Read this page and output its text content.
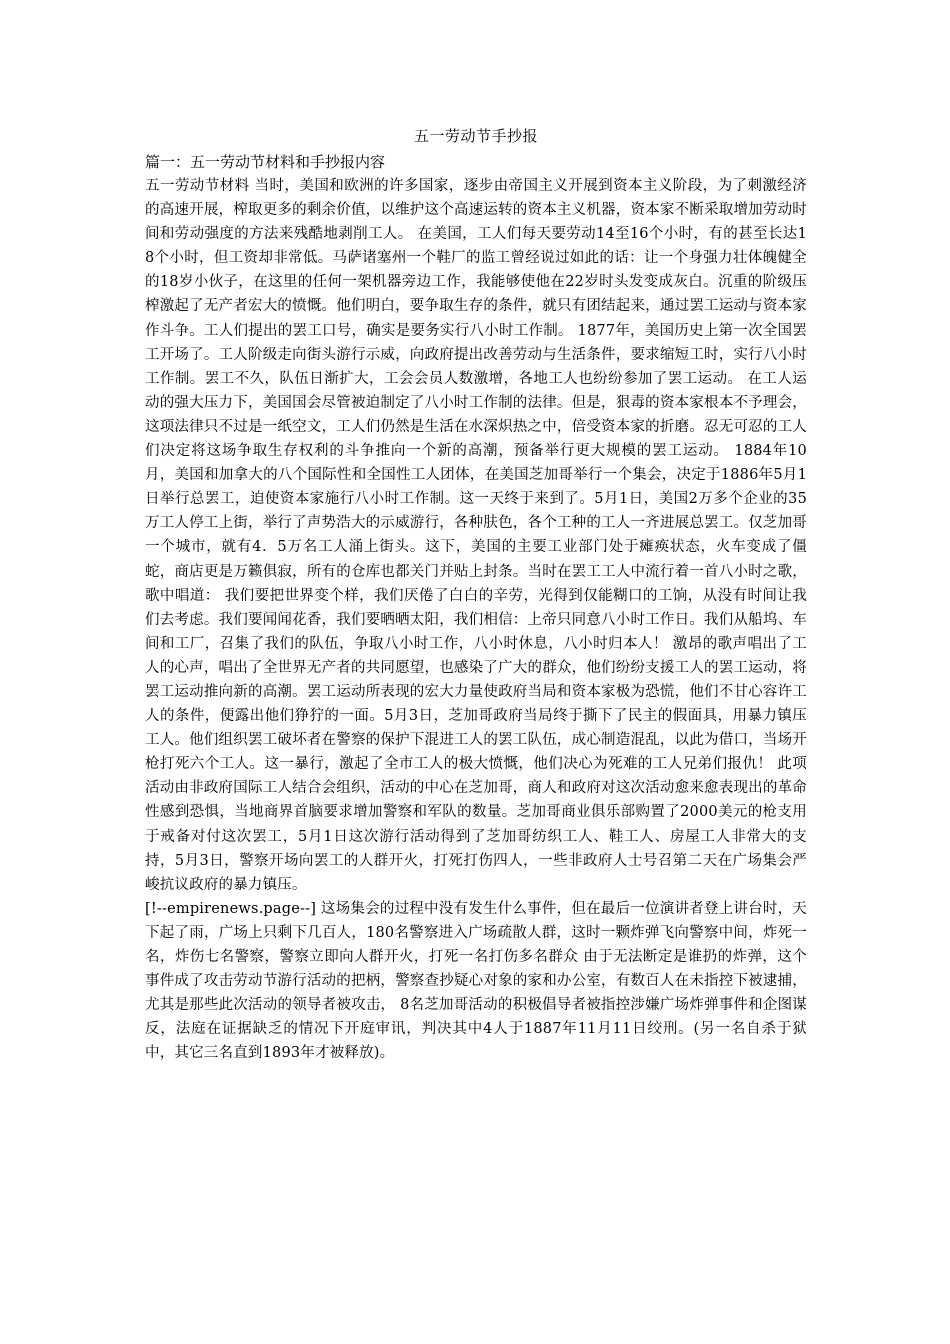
五一劳动节手抄报
篇一：五一劳动节材料和手抄报内容

五一劳动节材料 当时，美国和欧洲的许多国家，逐步由帝国主义开展到资本主义阶段，为了刺激经济的高速开展，榨取更多的剩余价值，以维护这个高速运转的资本主义机器，资本家不断采取增加劳动时间和劳动强度的方法来残酷地剥削工人。 在美国，工人们每天要劳动14至16个小时，有的甚至长达18个小时，但工资却非常低。马萨诸塞州一个鞋厂的监工曾经说过如此的话：让一个身强力壮体魄健全的18岁小伙子，在这里的任何一架机器旁边工作，我能够使他在22岁时头发变成灰白。沉重的阶级压榨激起了无产者宏大的愤慨。他们明白，要争取生存的条件，就只有团结起来，通过罢工运动与资本家作斗争。工人们提出的罢工口号，确实是要务实行八小时工作制。 1877年，美国历史上第一次全国罢工开场了。工人阶级走向街头游行示威，向政府提出改善劳动与生活条件，要求缩短工时，实行八小时工作制。罢工不久，队伍日渐扩大，工会会员人数激增，各地工人也纷纷参加了罢工运动。 在工人运动的强大压力下，美国国会尽管被迫制定了八小时工作制的法律。但是，狠毒的资本家根本不予理会，这项法律只不过是一纸空文，工人们仍然是生活在水深炽热之中，倍受资本家的折磨。忍无可忍的工人们决定将这场争取生存权利的斗争推向一个新的高潮，预备举行更大规模的罢工运动。 1884年10月，美国和加拿大的八个国际性和全国性工人团体，在美国芝加哥举行一个集会，决定于1886年5月1日举行总罢工，迫使资本家施行八小时工作制。这一天终于来到了。5月1日，美国2万多个企业的35万工人停工上街，举行了声势浩大的示威游行，各种肤色，各个工种的工人一齐进展总罢工。仅芝加哥一个城市，就有4．5万名工人涌上街头。这下，美国的主要工业部门处于瘫痪状态，火车变成了僵蛇，商店更是万籁俱寂，所有的仓库也都关门并贴上封条。当时在罢工工人中流行着一首八小时之歌，歌中唱道： 我们要把世界变个样，我们厌倦了白白的辛劳，光得到仅能糊口的工饷，从没有时间让我们去考虑。我们要闻闻花香，我们要晒晒太阳，我们相信：上帝只同意八小时工作日。我们从船坞、车间和工厂，召集了我们的队伍，争取八小时工作，八小时休息，八小时归本人！ 激昂的歌声唱出了工人的心声，唱出了全世界无产者的共同愿望，也感染了广大的群众，他们纷纷支援工人的罢工运动，将罢工运动推向新的高潮。罢工运动所表现的宏大力量使政府当局和资本家极为恐慌，他们不甘心容许工人的条件，便露出他们狰狞的一面。5月3日，芝加哥政府当局终于撕下了民主的假面具，用暴力镇压工人。他们组织罢工破坏者在警察的保护下混进工人的罢工队伍，成心制造混乱，以此为借口，当场开枪打死六个工人。这一暴行，激起了全市工人的极大愤慨，他们决心为死难的工人兄弟们报仇！ 此项活动由非政府国际工人结合会组织，活动的中心在芝加哥，商人和政府对这次活动愈来愈表现出的革命性感到恐惧，当地商界首脑要求增加警察和军队的数量。芝加哥商业俱乐部购置了2000美元的枪支用于戒备对付这次罢工，5月1日这次游行活动得到了芝加哥纺织工人、鞋工人、房屋工人非常大的支持，5月3日，警察开场向罢工的人群开火，打死打伤四人，一些非政府人士号召第二天在广场集会严峻抗议政府的暴力镇压。

[!--empirenews.page--] 这场集会的过程中没有发生什么事件，但在最后一位演讲者登上讲台时，天下起了雨，广场上只剩下几百人，180名警察进入广场疏散人群，这时一颗炸弹飞向警察中间，炸死一名，炸伤七名警察，警察立即向人群开火，打死一名打伤多名群众 由于无法断定是谁扔的炸弹，这个事件成了攻击劳动节游行活动的把柄，警察查抄疑心对象的家和办公室，有数百人在未指控下被逮捕，尤其是那些此次活动的领导者被攻击， 8名芝加哥活动的积极倡导者被指控涉嫌广场炸弹事件和企图谋反，法庭在证据缺乏的情况下开庭审讯，判决其中4人于1887年11月11日绞刑。(另一名自杀于狱中，其它三名直到1893年才被释放)。
